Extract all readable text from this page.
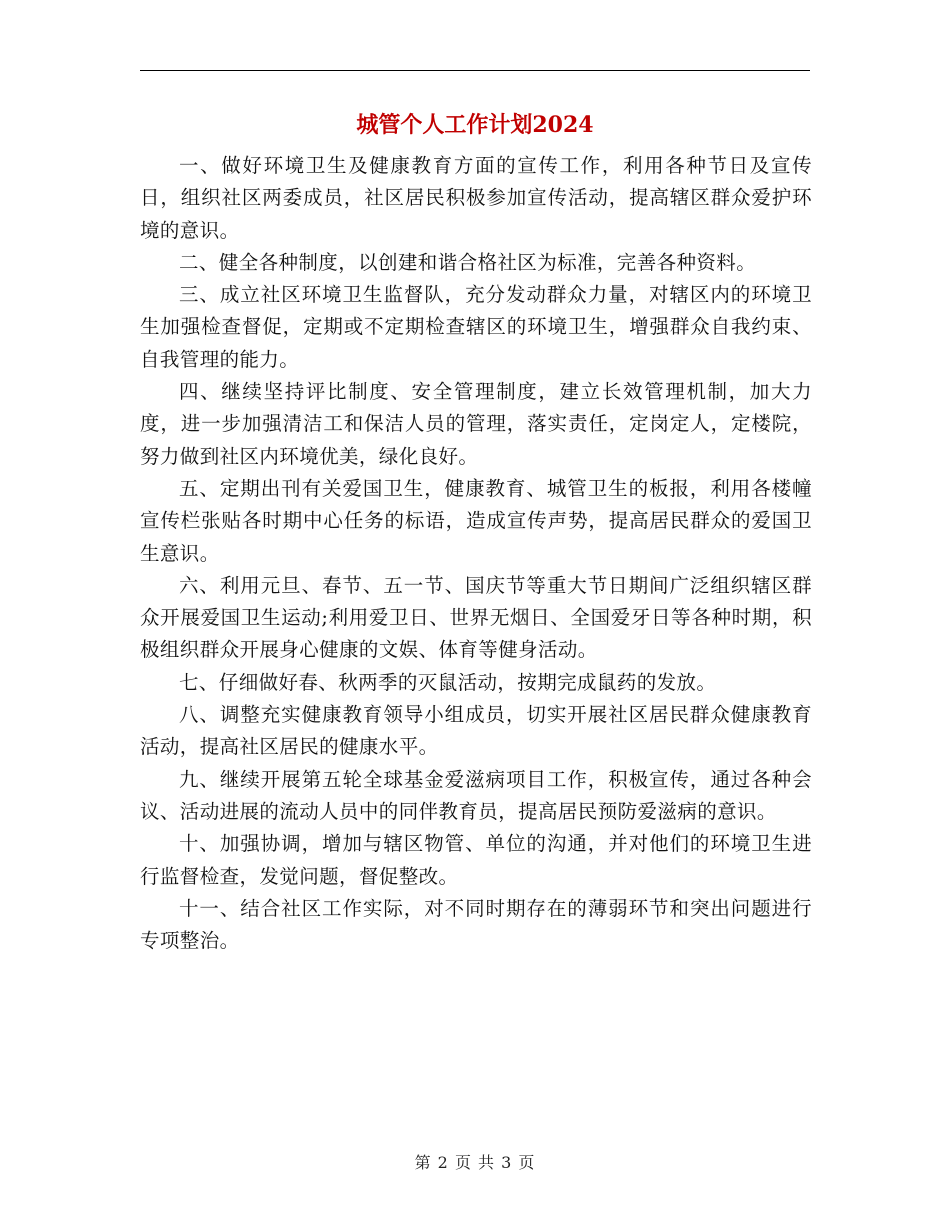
城管个人工作计划2024

一、做好环境卫生及健康教育方面的宣传工作，利用各种节日及宣传日，组织社区两委成员，社区居民积极参加宣传活动，提高辖区群众爱护环境的意识。

二、健全各种制度，以创建和谐合格社区为标准，完善各种资料。

三、成立社区环境卫生监督队，充分发动群众力量，对辖区内的环境卫生加强检查督促，定期或不定期检查辖区的环境卫生，增强群众自我约束、自我管理的能力。

四、继续坚持评比制度、安全管理制度，建立长效管理机制，加大力度，进一步加强清洁工和保洁人员的管理，落实责任，定岗定人，定楼院，努力做到社区内环境优美，绿化良好。

五、定期出刊有关爱国卫生，健康教育、城管卫生的板报，利用各楼幢宣传栏张贴各时期中心任务的标语，造成宣传声势，提高居民群众的爱国卫生意识。

六、利用元旦、春节、五一节、国庆节等重大节日期间广泛组织辖区群众开展爱国卫生运动;利用爱卫日、世界无烟日、全国爱牙日等各种时期，积极组织群众开展身心健康的文娱、体育等健身活动。

七、仔细做好春、秋两季的灭鼠活动，按期完成鼠药的发放。

八、调整充实健康教育领导小组成员，切实开展社区居民群众健康教育活动，提高社区居民的健康水平。

九、继续开展第五轮全球基金爱滋病项目工作，积极宣传，通过各种会议、活动进展的流动人员中的同伴教育员，提高居民预防爱滋病的意识。

十、加强协调，增加与辖区物管、单位的沟通，并对他们的环境卫生进行监督检查，发觉问题，督促整改。

十一、结合社区工作实际，对不同时期存在的薄弱环节和突出问题进行专项整治。

第 2 页 共 3 页
